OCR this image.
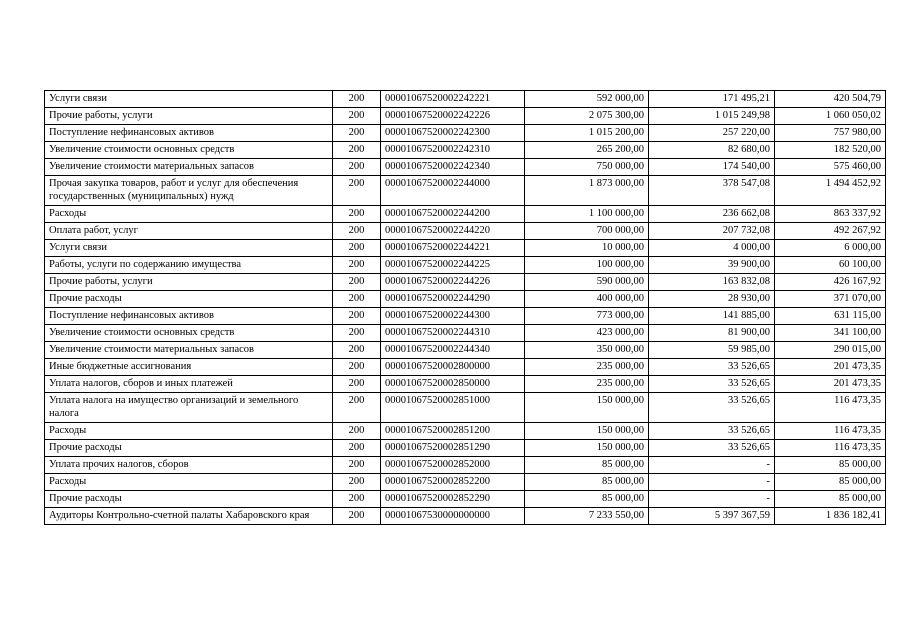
Услуги связи	200	00001067520002242221	592 000,00	171 495,21	420 504,79
Прочие работы, услуги	200	00001067520002242226	2 075 300,00	1 015 249,98	1 060 050,02
Поступление нефинансовых активов	200	00001067520002242300	1 015 200,00	257 220,00	757 980,00
Увеличение стоимости основных средств	200	00001067520002242310	265 200,00	82 680,00	182 520,00
Увеличение стоимости материальных запасов	200	00001067520002242340	750 000,00	174 540,00	575 460,00
Прочая закупка товаров, работ и услуг для обеспечения государственных (муниципальных) нужд	200	00001067520002244000	1 873 000,00	378 547,08	1 494 452,92
Расходы	200	00001067520002244200	1 100 000,00	236 662,08	863 337,92
Оплата работ, услуг	200	00001067520002244220	700 000,00	207 732,08	492 267,92
Услуги связи	200	00001067520002244221	10 000,00	4 000,00	6 000,00
Работы, услуги по содержанию имущества	200	00001067520002244225	100 000,00	39 900,00	60 100,00
Прочие работы, услуги	200	00001067520002244226	590 000,00	163 832,08	426 167,92
Прочие расходы	200	00001067520002244290	400 000,00	28 930,00	371 070,00
Поступление нефинансовых активов	200	00001067520002244300	773 000,00	141 885,00	631 115,00
Увеличение стоимости основных средств	200	00001067520002244310	423 000,00	81 900,00	341 100,00
Увеличение стоимости материальных запасов	200	00001067520002244340	350 000,00	59 985,00	290 015,00
Иные бюджетные ассигнования	200	00001067520002800000	235 000,00	33 526,65	201 473,35
Уплата налогов, сборов и иных платежей	200	00001067520002850000	235 000,00	33 526,65	201 473,35
Уплата налога на имущество организаций и земельного налога	200	00001067520002851000	150 000,00	33 526,65	116 473,35
Расходы	200	00001067520002851200	150 000,00	33 526,65	116 473,35
Прочие расходы	200	00001067520002851290	150 000,00	33 526,65	116 473,35
Уплата прочих налогов, сборов	200	00001067520002852000	85 000,00	-	85 000,00
Расходы	200	00001067520002852200	85 000,00	-	85 000,00
Прочие расходы	200	00001067520002852290	85 000,00	-	85 000,00
Аудиторы Контрольно-счетной палаты Хабаровского края	200	00001067530000000000	7 233 550,00	5 397 367,59	1 836 182,41
